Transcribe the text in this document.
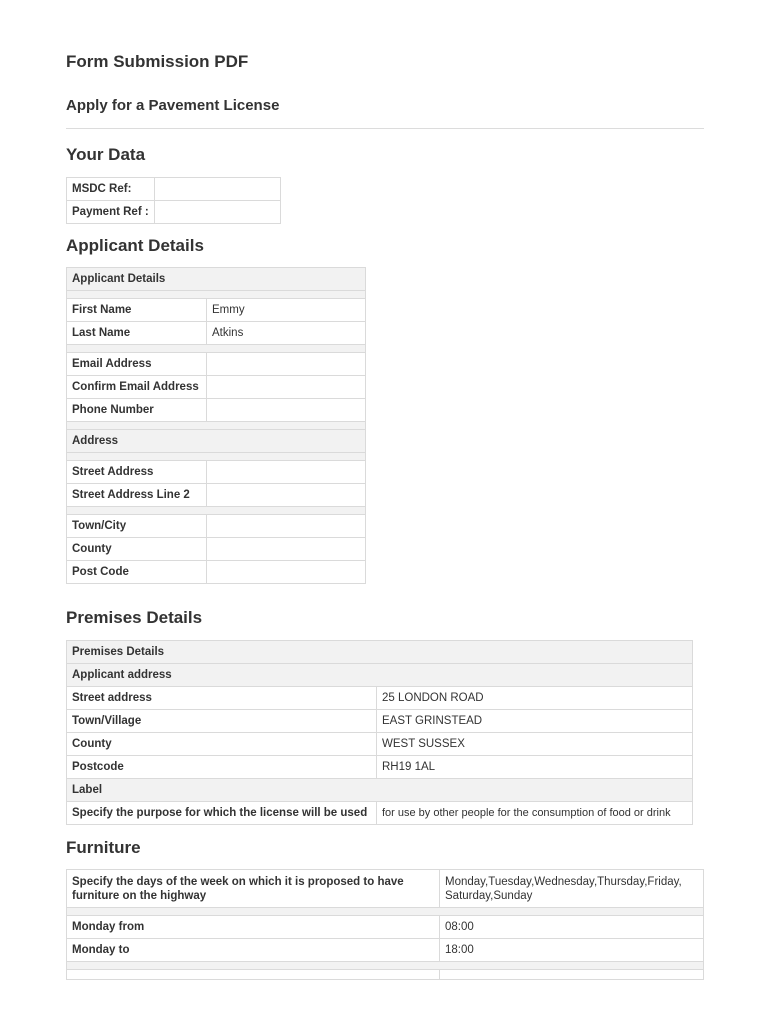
Form Submission PDF
Apply for a Pavement License
Your Data
MSDC Ref:	
Payment Ref :	
Applicant Details
Applicant Details	

First Name	Emmy
Last Name	Atkins

Email Address	
Confirm Email Address	
Phone Number	

Address	

Street Address	
Street Address Line 2	

Town/City	
County	
Post Code	
Premises Details
Premises Details	
Applicant address	
Street address	25 LONDON ROAD
Town/Village	EAST GRINSTEAD
County	WEST SUSSEX
Postcode	RH19 1AL
Label	
Specify the purpose for which the license will be used	for use by other people for the consumption of food or drink
Furniture
Specify the days of the week on which it is proposed to have furniture on the highway	Monday,Tuesday,Wednesday,Thursday,Friday, Saturday,Sunday

Monday from	08:00
Monday to	18:00
